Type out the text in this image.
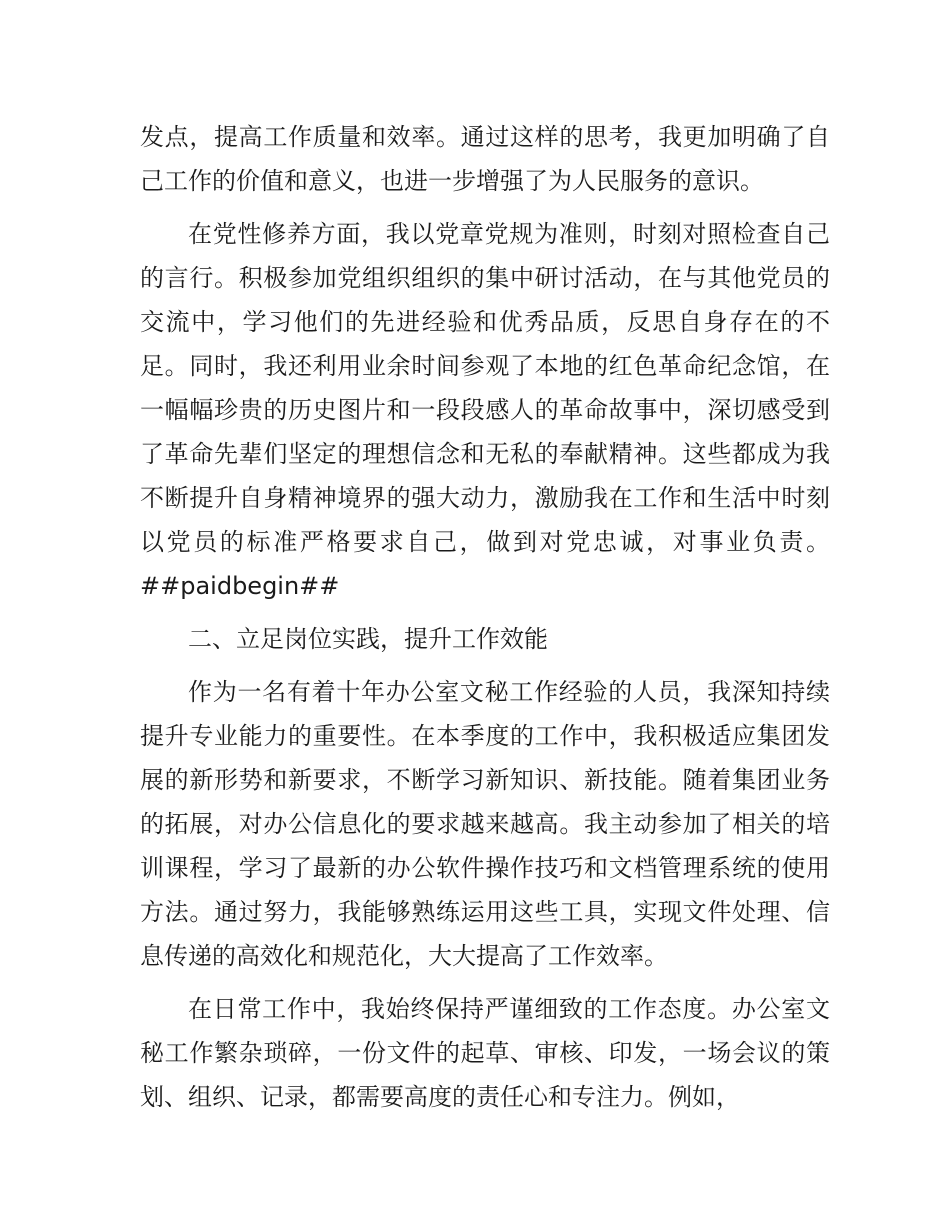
发点，提高工作质量和效率。通过这样的思考，我更加明确了自己工作的价值和意义，也进一步增强了为人民服务的意识。

在党性修养方面，我以党章党规为准则，时刻对照检查自己的言行。积极参加党组织组织的集中研讨活动，在与其他党员的交流中，学习他们的先进经验和优秀品质，反思自身存在的不足。同时，我还利用业余时间参观了本地的红色革命纪念馆，在一幅幅珍贵的历史图片和一段段感人的革命故事中，深切感受到了革命先辈们坚定的理想信念和无私的奉献精神。这些都成为我不断提升自身精神境界的强大动力，激励我在工作和生活中时刻以党员的标准严格要求自己，做到对党忠诚，对事业负责。##paidbegin##

二、立足岗位实践，提升工作效能

作为一名有着十年办公室文秘工作经验的人员，我深知持续提升专业能力的重要性。在本季度的工作中，我积极适应集团发展的新形势和新要求，不断学习新知识、新技能。随着集团业务的拓展，对办公信息化的要求越来越高。我主动参加了相关的培训课程，学习了最新的办公软件操作技巧和文档管理系统的使用方法。通过努力，我能够熟练运用这些工具，实现文件处理、信息传递的高效化和规范化，大大提高了工作效率。

在日常工作中，我始终保持严谨细致的工作态度。办公室文秘工作繁杂琐碎，一份文件的起草、审核、印发，一场会议的策划、组织、记录，都需要高度的责任心和专注力。例如，
